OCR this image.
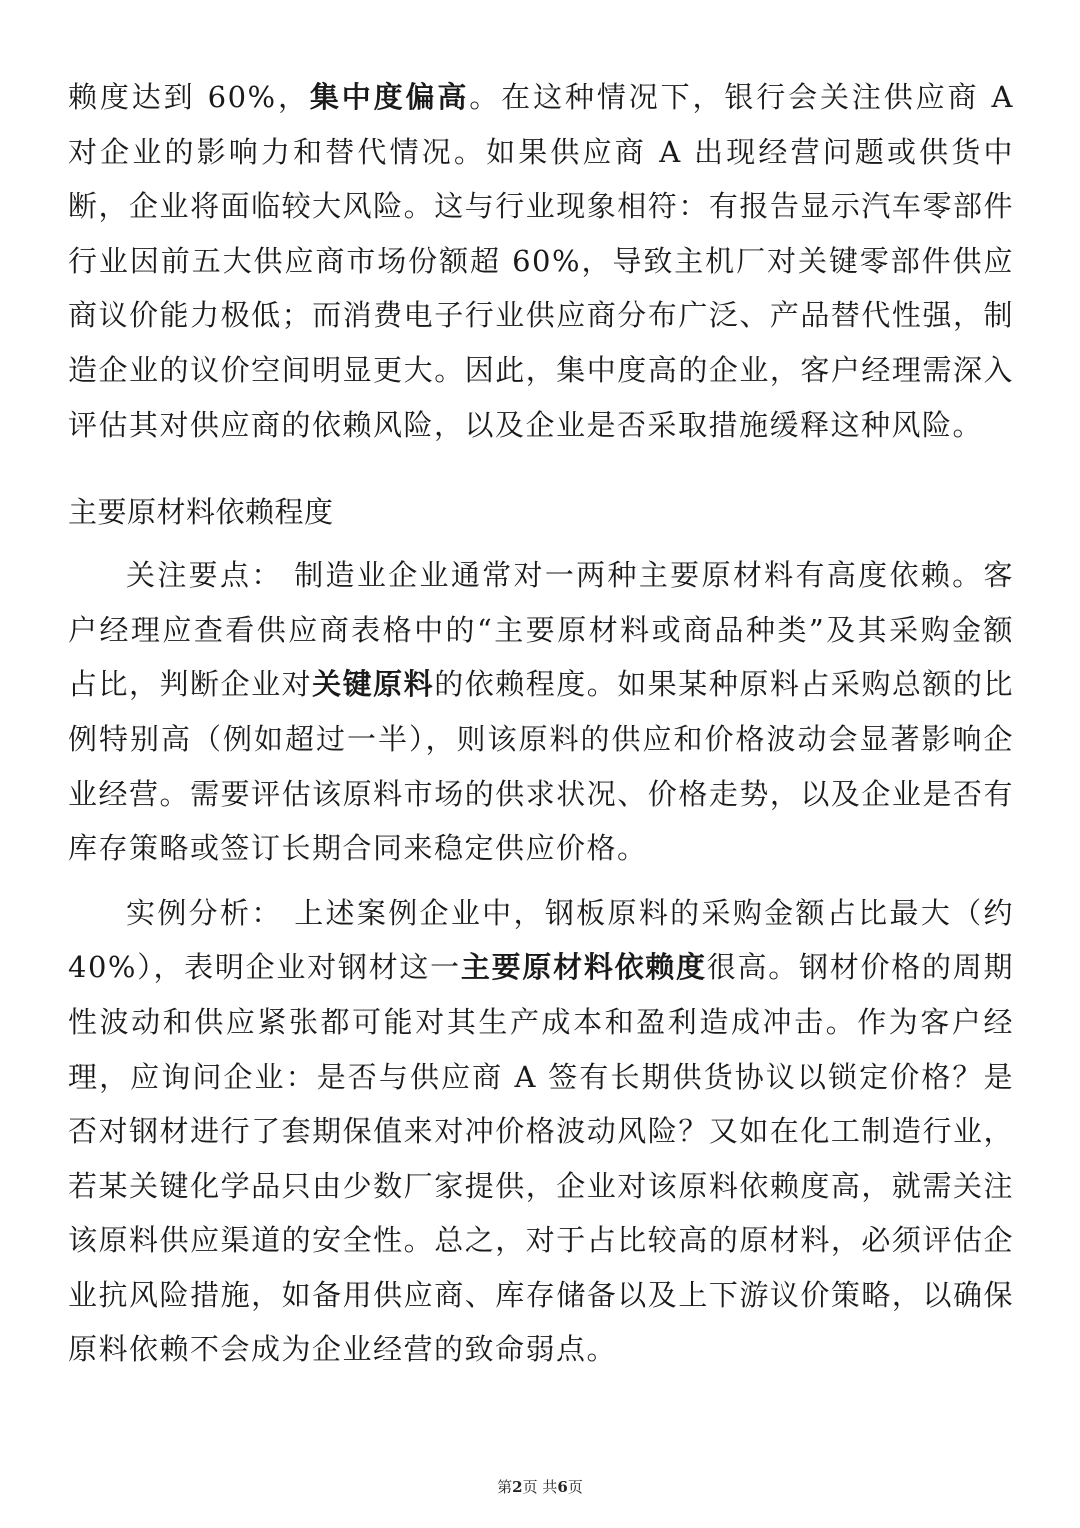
赖度达到 60%，集中度偏高。在这种情况下，银行会关注供应商 A 对企业的影响力和替代情况。如果供应商 A 出现经营问题或供货中断，企业将面临较大风险。这与行业现象相符：有报告显示汽车零部件行业因前五大供应商市场份额超 60%，导致主机厂对关键零部件供应商议价能力极低；而消费电子行业供应商分布广泛、产品替代性强，制造企业的议价空间明显更大。因此，集中度高的企业，客户经理需深入评估其对供应商的依赖风险，以及企业是否采取措施缓释这种风险。

主要原材料依赖程度

关注要点： 制造业企业通常对一两种主要原材料有高度依赖。客户经理应查看供应商表格中的“主要原材料或商品种类”及其采购金额占比，判断企业对关键原料的依赖程度。如果某种原料占采购总额的比例特别高（例如超过一半），则该原料的供应和价格波动会显著影响企业经营。需要评估该原料市场的供求状况、价格走势，以及企业是否有库存策略或签订长期合同来稳定供应价格。

实例分析： 上述案例企业中，钢板原料的采购金额占比最大（约 40%），表明企业对钢材这一主要原材料依赖度很高。钢材价格的周期性波动和供应紧张都可能对其生产成本和盈利造成冲击。作为客户经理，应询问企业：是否与供应商 A 签有长期供货协议以锁定价格？是否对钢材进行了套期保值来对冲价格波动风险？又如在化工制造行业，若某关键化学品只由少数厂家提供，企业对该原料依赖度高，就需关注该原料供应渠道的安全性。总之，对于占比较高的原材料，必须评估企业抗风险措施，如备用供应商、库存储备以及上下游议价策略，以确保原料依赖不会成为企业经营的致命弱点。

第2页 共6页
